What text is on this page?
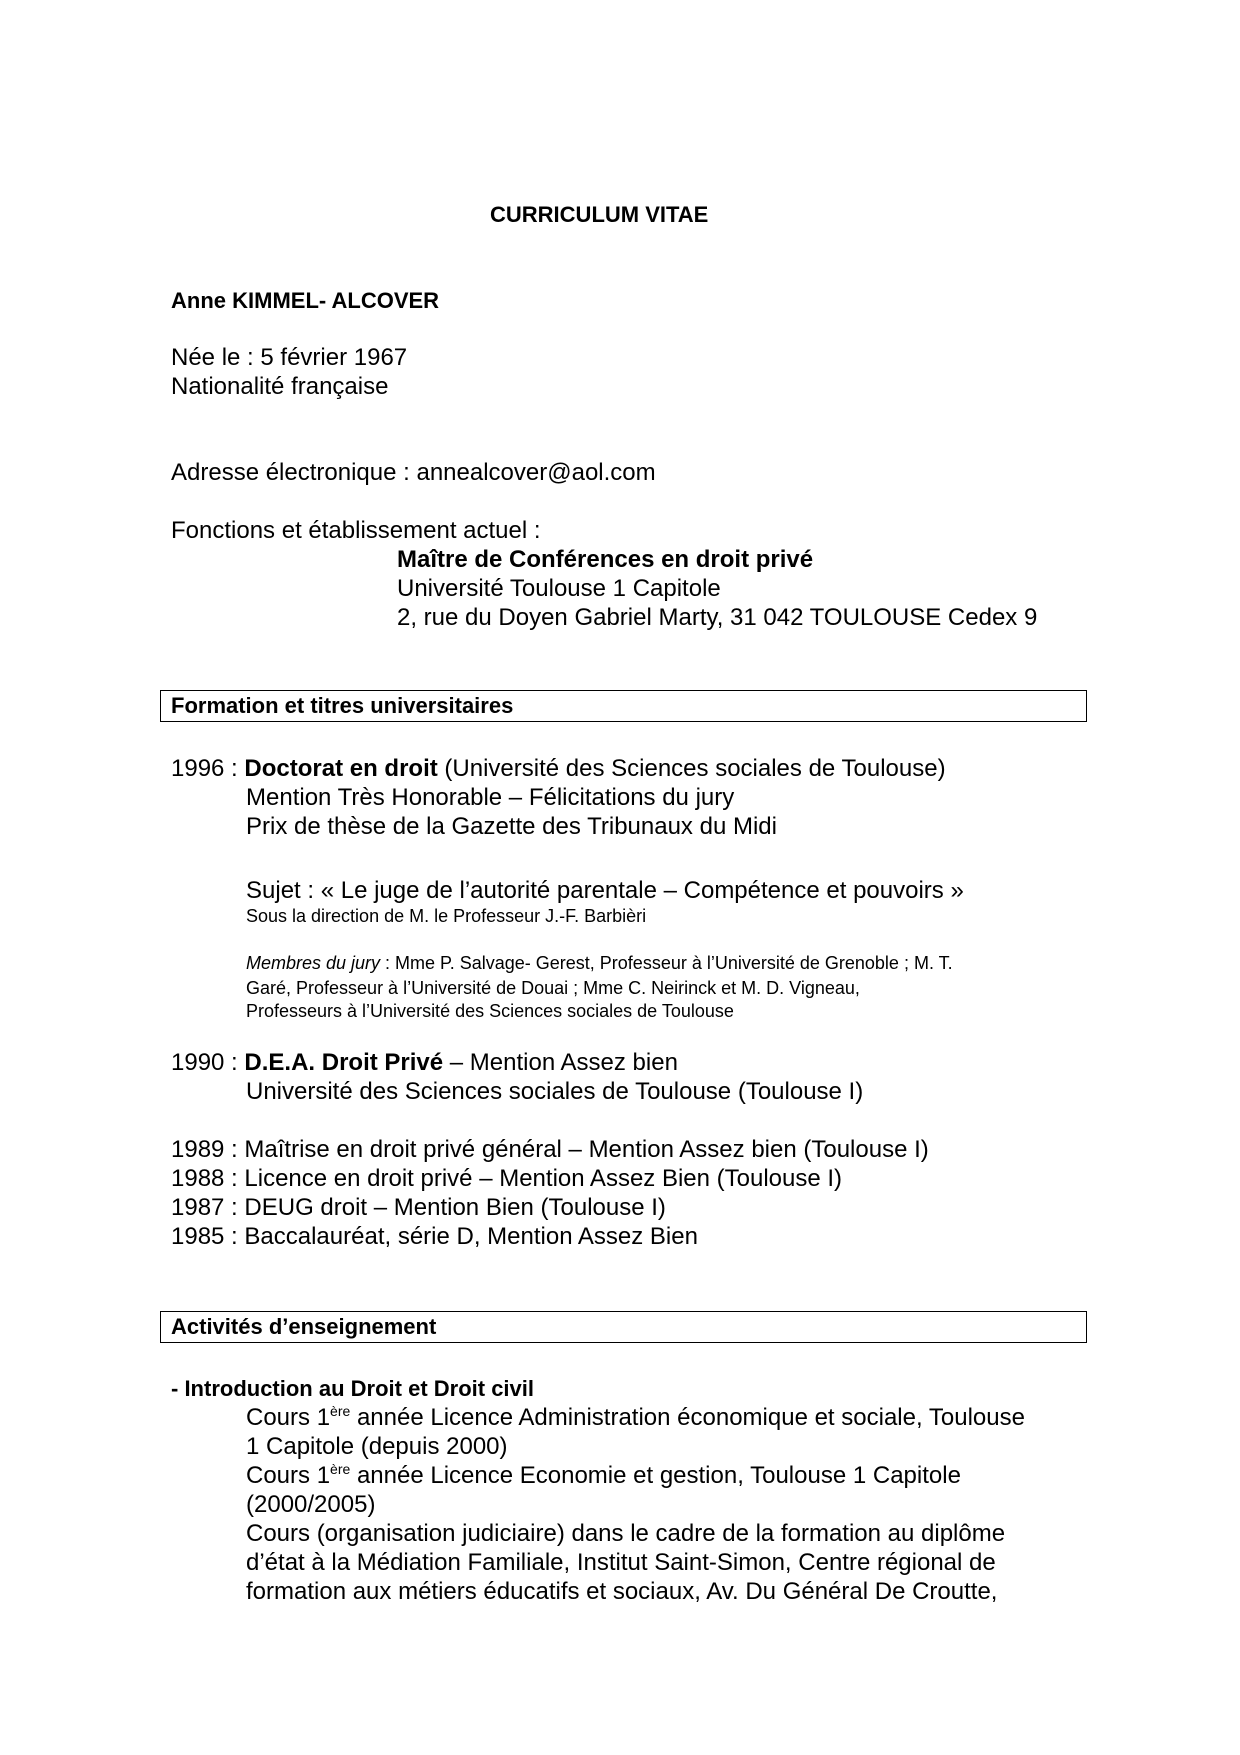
CURRICULUM VITAE
Anne KIMMEL- ALCOVER
Née le : 5 février 1967
Nationalité française
Adresse électronique : annealcover@aol.com
Fonctions et établissement actuel :
Maître de Conférences en droit privé
Université Toulouse 1 Capitole
2, rue du Doyen Gabriel Marty, 31 042 TOULOUSE Cedex 9
Formation et titres universitaires
1996 : Doctorat en droit (Université des Sciences sociales de Toulouse)
Mention Très Honorable – Félicitations du jury
Prix de thèse de la Gazette des Tribunaux du Midi
Sujet : « Le juge de l’autorité parentale – Compétence et pouvoirs »
Sous la direction de M. le Professeur J.-F. Barbièri
Membres du jury : Mme P. Salvage- Gerest, Professeur à l’Université de Grenoble ; M. T.
Garé, Professeur à l’Université de Douai ; Mme C. Neirinck et M. D. Vigneau,
Professeurs à l’Université des Sciences sociales de Toulouse
1990 : D.E.A. Droit Privé – Mention Assez bien
Université des Sciences sociales de Toulouse (Toulouse I)
1989 : Maîtrise en droit privé général – Mention Assez bien (Toulouse I)
1988 : Licence en droit privé – Mention Assez Bien (Toulouse I)
1987 : DEUG droit – Mention Bien (Toulouse I)
1985 : Baccalauréat, série D, Mention Assez Bien
Activités d’enseignement
- Introduction au Droit et Droit civil
Cours 1ère année Licence Administration économique et sociale, Toulouse
1 Capitole (depuis 2000)
Cours 1ère année Licence Economie et gestion, Toulouse 1 Capitole
(2000/2005)
Cours (organisation judiciaire) dans le cadre de la formation au diplôme
d’état à la Médiation Familiale, Institut Saint-Simon, Centre régional de
formation aux métiers éducatifs et sociaux, Av. Du Général De Croutte,
